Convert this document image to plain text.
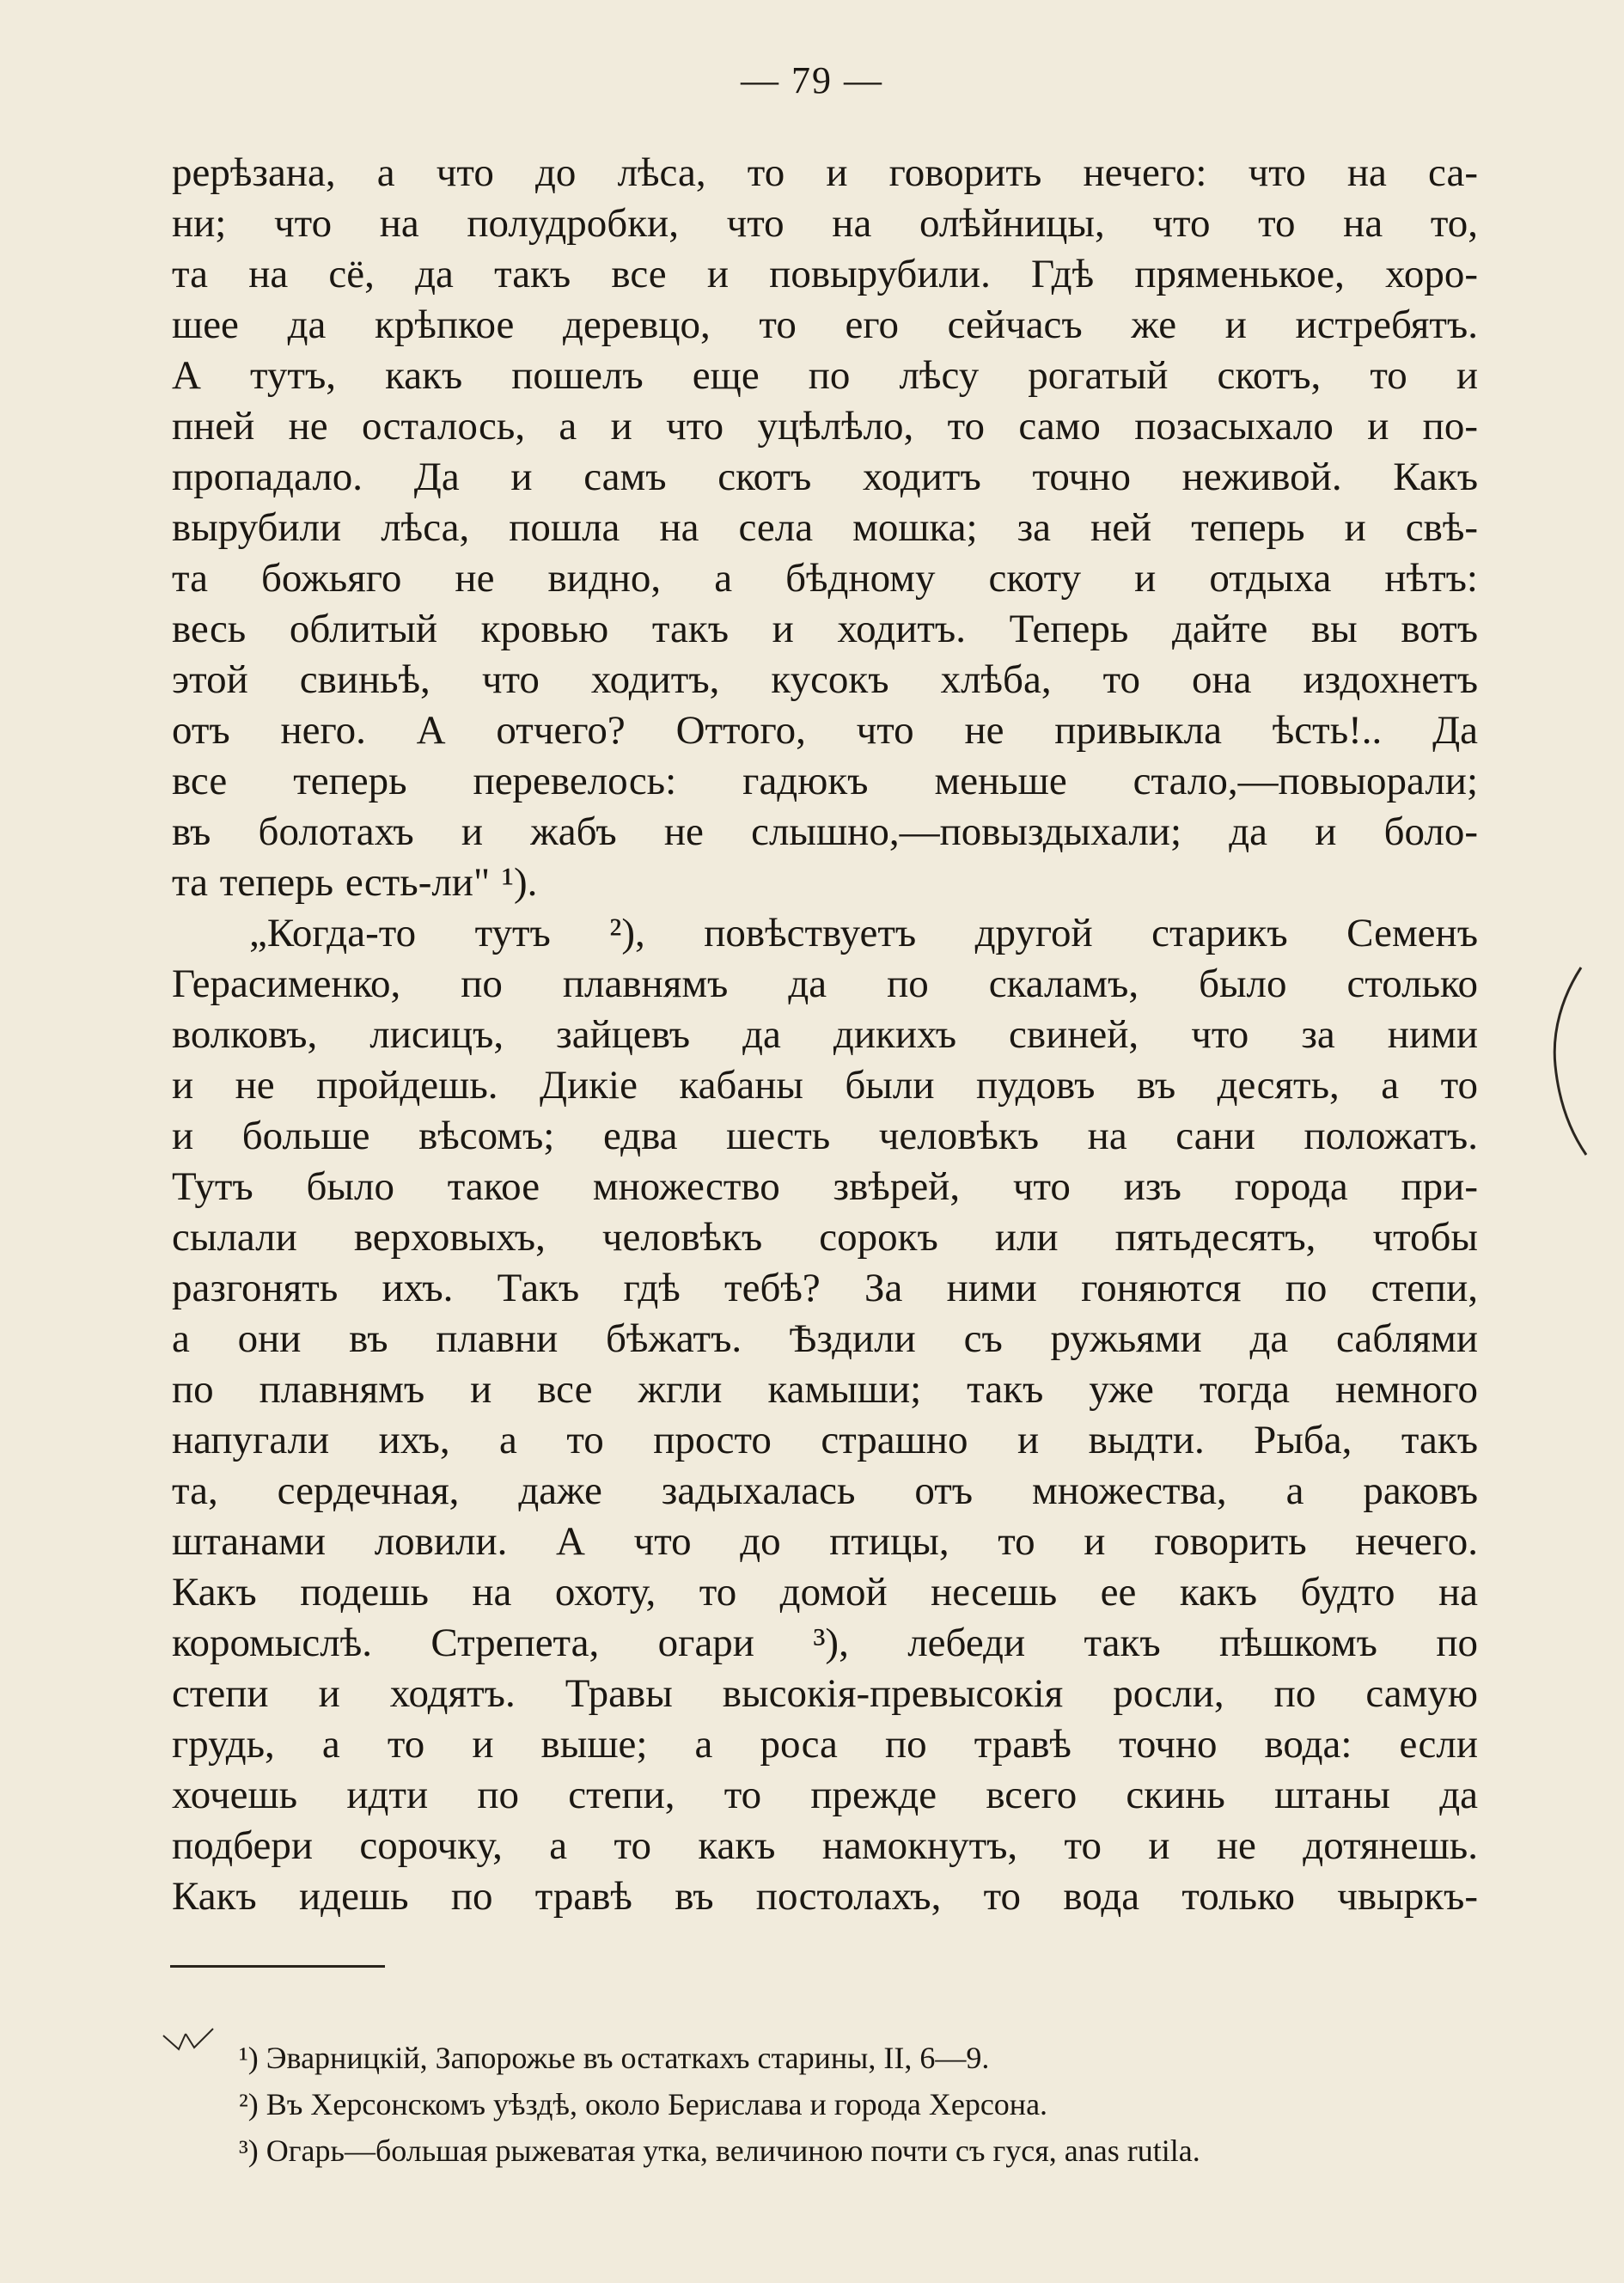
— 79 —
рерѣзана, а что до лѣса, то и говорить нечего: что на са-
ни; что на полудробки, что на олѣйницы, что то на то,
та на сё, да такъ все и повырубили. Гдѣ пряменькое, хоро-
шее да крѣпкое деревцо, то его сейчасъ же и истребятъ.
А тутъ, какъ пошелъ еще по лѣсу рогатый скотъ, то и
пней не осталось, а и что уцѣлѣло, то само позасыхало и по-
пропадало. Да и самъ скотъ ходитъ точно неживой. Какъ
вырубили лѣса, пошла на села мошка; за ней теперь и свѣ-
та божьяго не видно, а бѣдному скоту и отдыха нѣтъ:
весь облитый кровью такъ и ходитъ. Теперь дайте вы вотъ
этой свиньѣ, что ходитъ, кусокъ хлѣба, то она издохнетъ
отъ него. А отчего? Оттого, что не привыкла ѣсть!.. Да
все теперь перевелось: гадюкъ меньше стало,—повыорали;
въ болотахъ и жабъ не слышно,—повыздыхали; да и боло-
та теперь есть-ли" ¹).
„Когда-то тутъ ²), повѣствуетъ другой старикъ Семенъ
Герасименко, по плавнямъ да по скаламъ, было столько
волковъ, лисицъ, зайцевъ да дикихъ свиней, что за ними
и не пройдешь. Дикіе кабаны были пудовъ въ десять, а то
и больше вѣсомъ; едва шесть человѣкъ на сани положатъ.
Тутъ было такое множество звѣрей, что изъ города при-
сылали верховыхъ, человѣкъ сорокъ или пятьдесятъ, чтобы
разгонять ихъ. Такъ гдѣ тебѣ? За ними гоняются по степи,
а они въ плавни бѣжатъ. Ѣздили съ ружьями да саблями
по плавнямъ и все жгли камыши; такъ уже тогда немного
напугали ихъ, а то просто страшно и выдти. Рыба, такъ
та, сердечная, даже задыхалась отъ множества, а раковъ
штанами ловили. А что до птицы, то и говорить нечего.
Какъ подешь на охоту, то домой несешь ее какъ будто на
коромыслѣ. Стрепета, огари ³), лебеди такъ пѣшкомъ по
степи и ходятъ. Травы высокія-превысокія росли, по самую
грудь, а то и выше; а роса по травѣ точно вода: если
хочешь идти по степи, то прежде всего скинь штаны да
подбери сорочку, а то какъ намокнутъ, то и не дотянешь.
Какъ идешь по травѣ въ постолахъ, то вода только чвыркъ-
¹) Эварницкій, Запорожье въ остаткахъ старины, II, 6—9.
²) Въ Херсонскомъ уѣздѣ, около Берислава и города Херсона.
³) Огарь—большая рыжеватая утка, величиною почти съ гуся, anas rutila.
